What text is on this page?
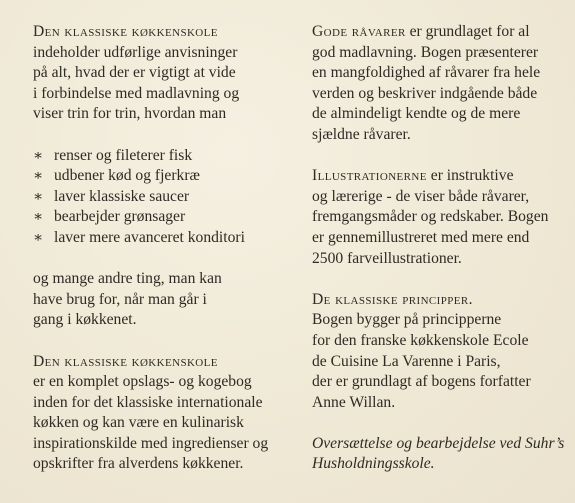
Den klassiske køkkenskole
indeholder udførlige anvisninger
på alt, hvad der er vigtigt at vide
i forbindelse med madlavning og
viser trin for trin, hvordan man

∗ renser og fileterer fisk
∗ udbener kød og fjerkræ
∗ laver klassiske saucer
∗ bearbejder grønsager
∗ laver mere avanceret konditori

og mange andre ting, man kan
have brug for, når man går i
gang i køkkenet.

Den klassiske køkkenskole
er en komplet opslags- og kogebog
inden for det klassiske internationale
køkken og kan være en kulinarisk
inspirationskilde med ingredienser og
opskrifter fra alverdens køkkener.

Gode råvarer er grundlaget for al
god madlavning. Bogen præsenterer
en mangfoldighed af råvarer fra hele
verden og beskriver indgående både
de almindeligt kendte og de mere
sjældne råvarer.

Illustrationerne er instruktive
og lærerige - de viser både råvarer,
fremgangsmåder og redskaber. Bogen
er gennemillustreret med mere end
2500 farveillustrationer.

De klassiske principper.
Bogen bygger på principperne
for den franske køkkenskole Ecole
de Cuisine La Varenne i Paris,
der er grundlagt af bogens forfatter
Anne Willan.

Oversættelse og bearbejdelse ved Suhr’s
Husholdningsskole.
